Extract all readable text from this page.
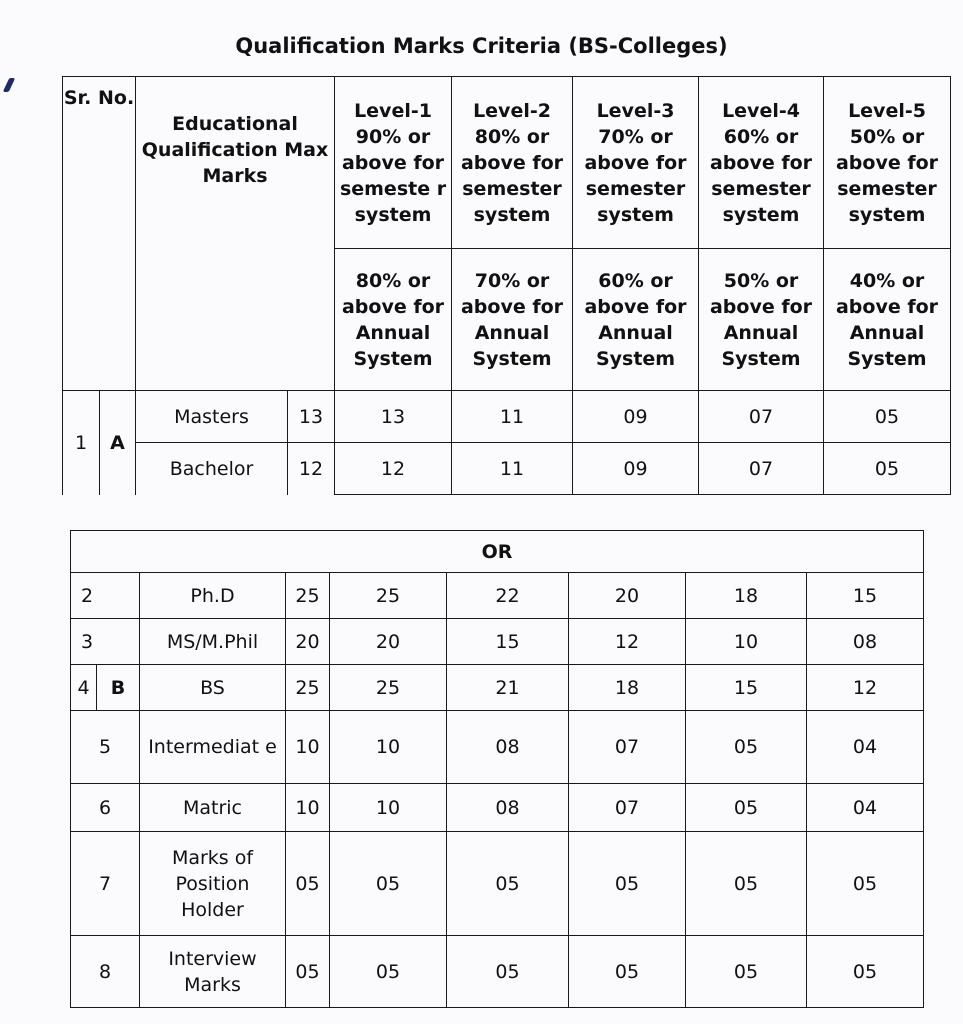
Qualification Marks Criteria (BS-Colleges)
Sr. No.		Educational Qualification Max Marks		Level-1 90% or above for semeste r system	Level-2 80% or above for semester system	Level-3 70% or above for semester system	Level-4 60% or above for semester system	Level-5 50% or above for semester system
				80% or above for Annual System	70% or above for Annual System	60% or above for Annual System	50% or above for Annual System	40% or above for Annual System
1	A	Masters	13	13	11	09	07	05
		Bachelor	12	12	11	09	07	05
OR								
2		Ph.D	25	25	22	20	18	15
3		MS/M.Phil	20	20	15	12	10	08
4	B	BS	25	25	21	18	15	12
5		Intermediat e	10	10	08	07	05	04
6		Matric	10	10	08	07	05	04
7		Marks of Position Holder	05	05	05	05	05	05
8		Interview Marks	05	05	05	05	05	05
